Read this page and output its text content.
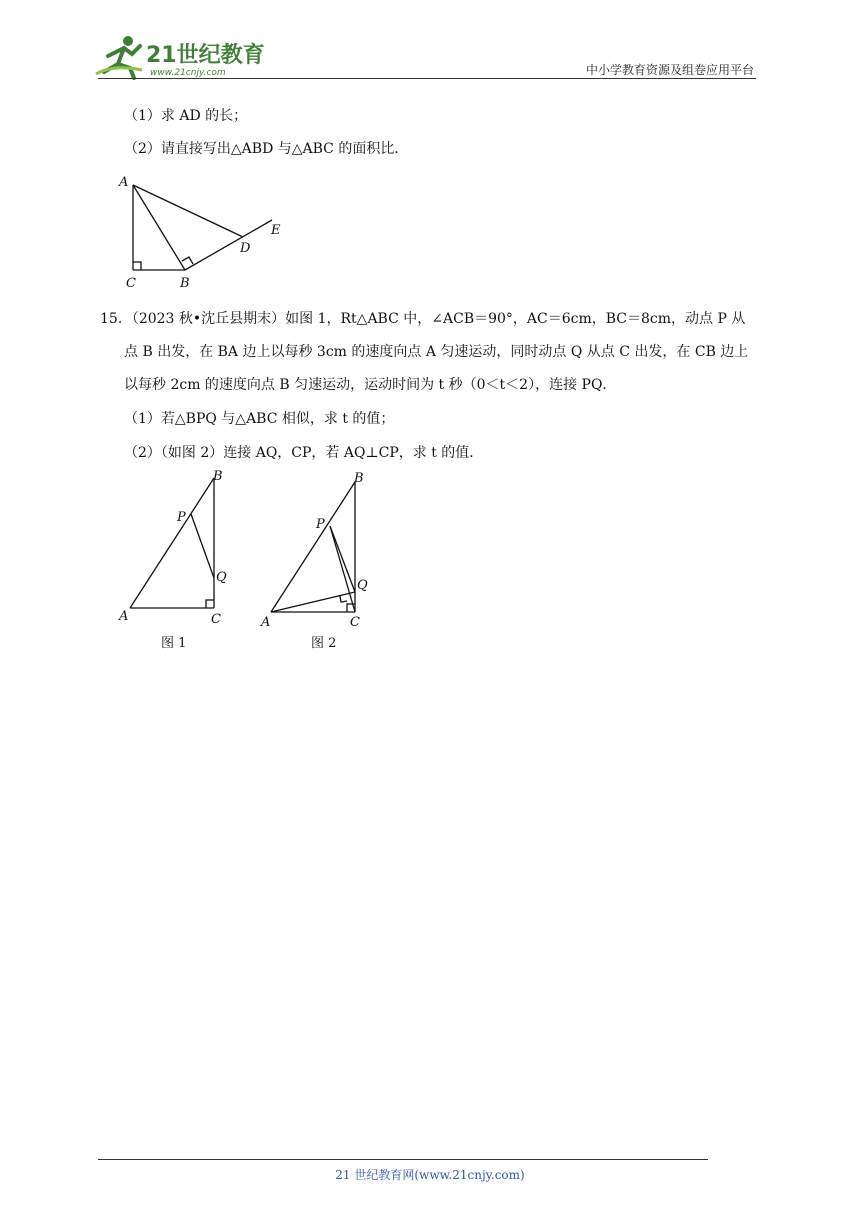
21世纪教育
www.21cnjy.com	中小学教育资源及组卷应用平台
（1）求 AD 的长；
（2）请直接写出△ABD 与△ABC 的面积比．
A
C	B
D
E
15．（2023 秋•沈丘县期末）如图 1，Rt△ABC 中，∠ACB＝90°，AC＝6cm，BC＝8cm，动点 P 从
点 B 出发，在 BA 边上以每秒 3cm 的速度向点 A 匀速运动，同时动点 Q 从点 C 出发，在 CB 边上
以每秒 2cm 的速度向点 B 匀速运动，运动时间为 t 秒（0＜t＜2），连接 PQ．
（1）若△BPQ 与△ABC 相似，求 t 的值；
（2）（如图 2）连接 AQ，CP，若 AQ⊥CP，求 t 的值．
B
P
Q
A	C
图 1
B
P
Q
A	C
图 2
21 世纪教育网(www.21cnjy.com)
